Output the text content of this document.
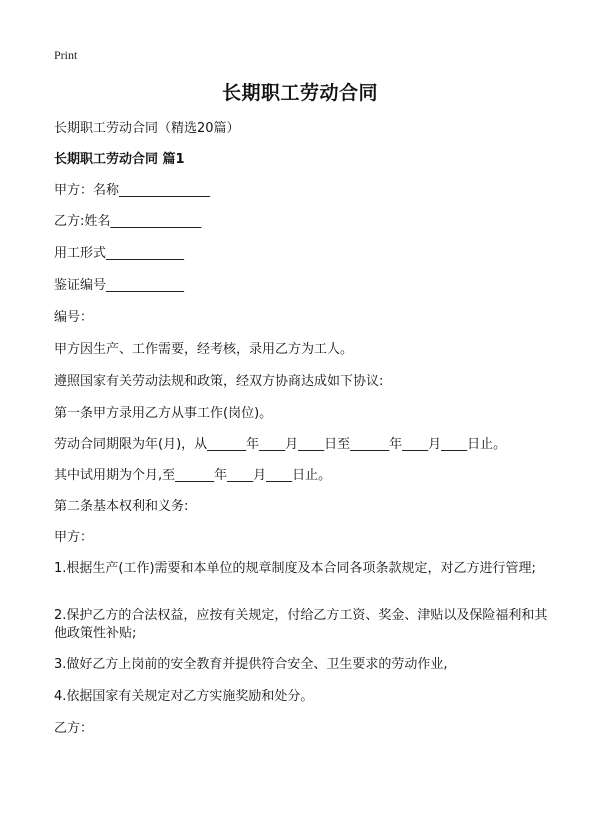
Print
长期职工劳动合同
长期职工劳动合同（精选20篇）
长期职工劳动合同 篇1
甲方：名称______________
乙方:姓名______________
用工形式____________
鉴证编号____________
编号：
甲方因生产、工作需要，经考核，录用乙方为工人。
遵照国家有关劳动法规和政策，经双方协商达成如下协议:
第一条甲方录用乙方从事工作(岗位)。
劳动合同期限为年(月)，从______年____月____日至______年____月____日止。
其中试用期为个月,至______年____月____日止。
第二条基本权利和义务:
甲方：
1.根据生产(工作)需要和本单位的规章制度及本合同各项条款规定，对乙方进行管理;
2.保护乙方的合法权益，应按有关规定，付给乙方工资、奖金、津贴以及保险福利和其他政策性补贴;
3.做好乙方上岗前的安全教育并提供符合安全、卫生要求的劳动作业,
4.依据国家有关规定对乙方实施奖励和处分。
乙方：
